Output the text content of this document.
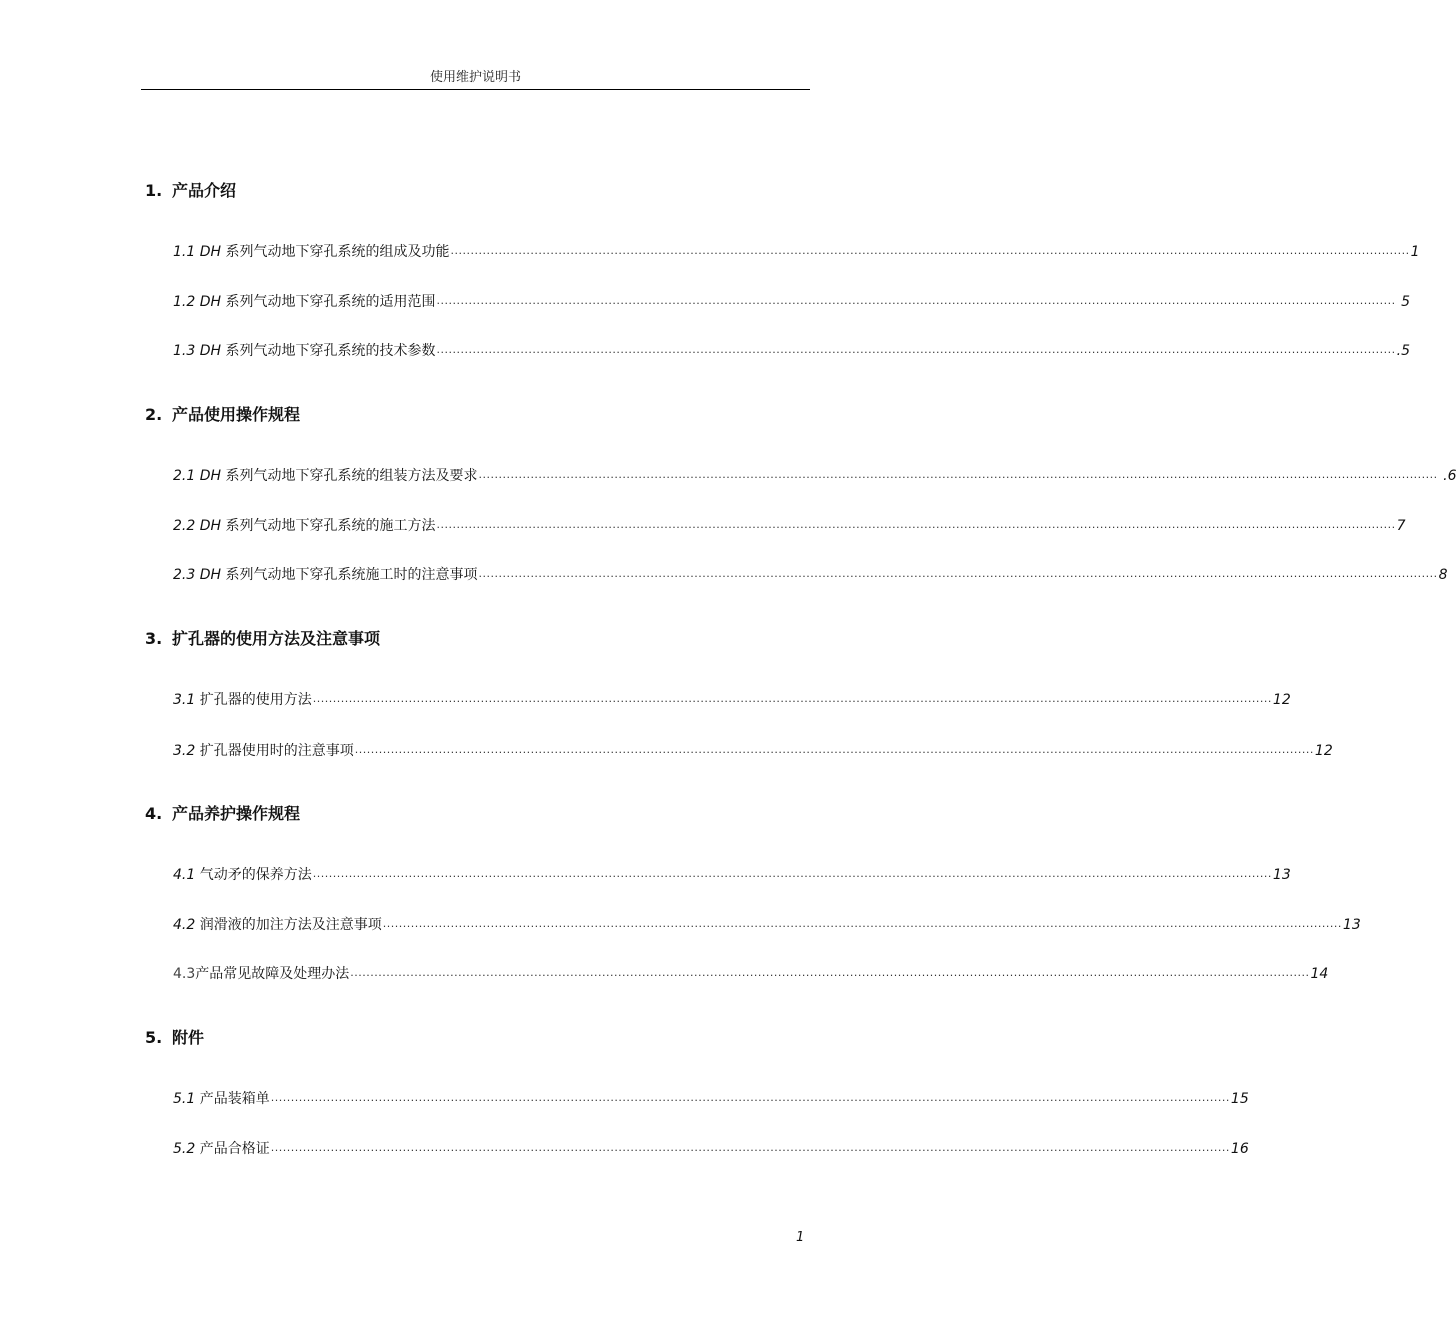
使用维护说明书
1. 产品介绍
1.1 DH 系列气动地下穿孔系统的组成及功能 ................................................................................................................................................................................................................................................ 1
1.2 DH 系列气动地下穿孔系统的适用范围 ................................................................................................................................................................................................................................................ 5
1.3 DH 系列气动地下穿孔系统的技术参数 ................................................................................................................................................................................................................................................ .5
2. 产品使用操作规程
2.1 DH 系列气动地下穿孔系统的组装方法及要求 ................................................................................................................................................................................................................................................ .6
2.2 DH 系列气动地下穿孔系统的施工方法 ................................................................................................................................................................................................................................................ 7
2.3 DH 系列气动地下穿孔系统施工时的注意事项 ................................................................................................................................................................................................................................................ 8
3. 扩孔器的使用方法及注意事项
3.1 扩孔器的使用方法 ................................................................................................................................................................................................................................................ 12
3.2 扩孔器使用时的注意事项 ................................................................................................................................................................................................................................................ 12
4. 产品养护操作规程
4.1 气动矛的保养方法 ................................................................................................................................................................................................................................................ 13
4.2 润滑液的加注方法及注意事项 ................................................................................................................................................................................................................................................ 13
4.3 产品常见故障及处理办法 ................................................................................................................................................................................................................................................ 14
5. 附件
5.1 产品装箱单 ................................................................................................................................................................................................................................................ 15
5.2 产品合格证 ................................................................................................................................................................................................................................................ 16
1
